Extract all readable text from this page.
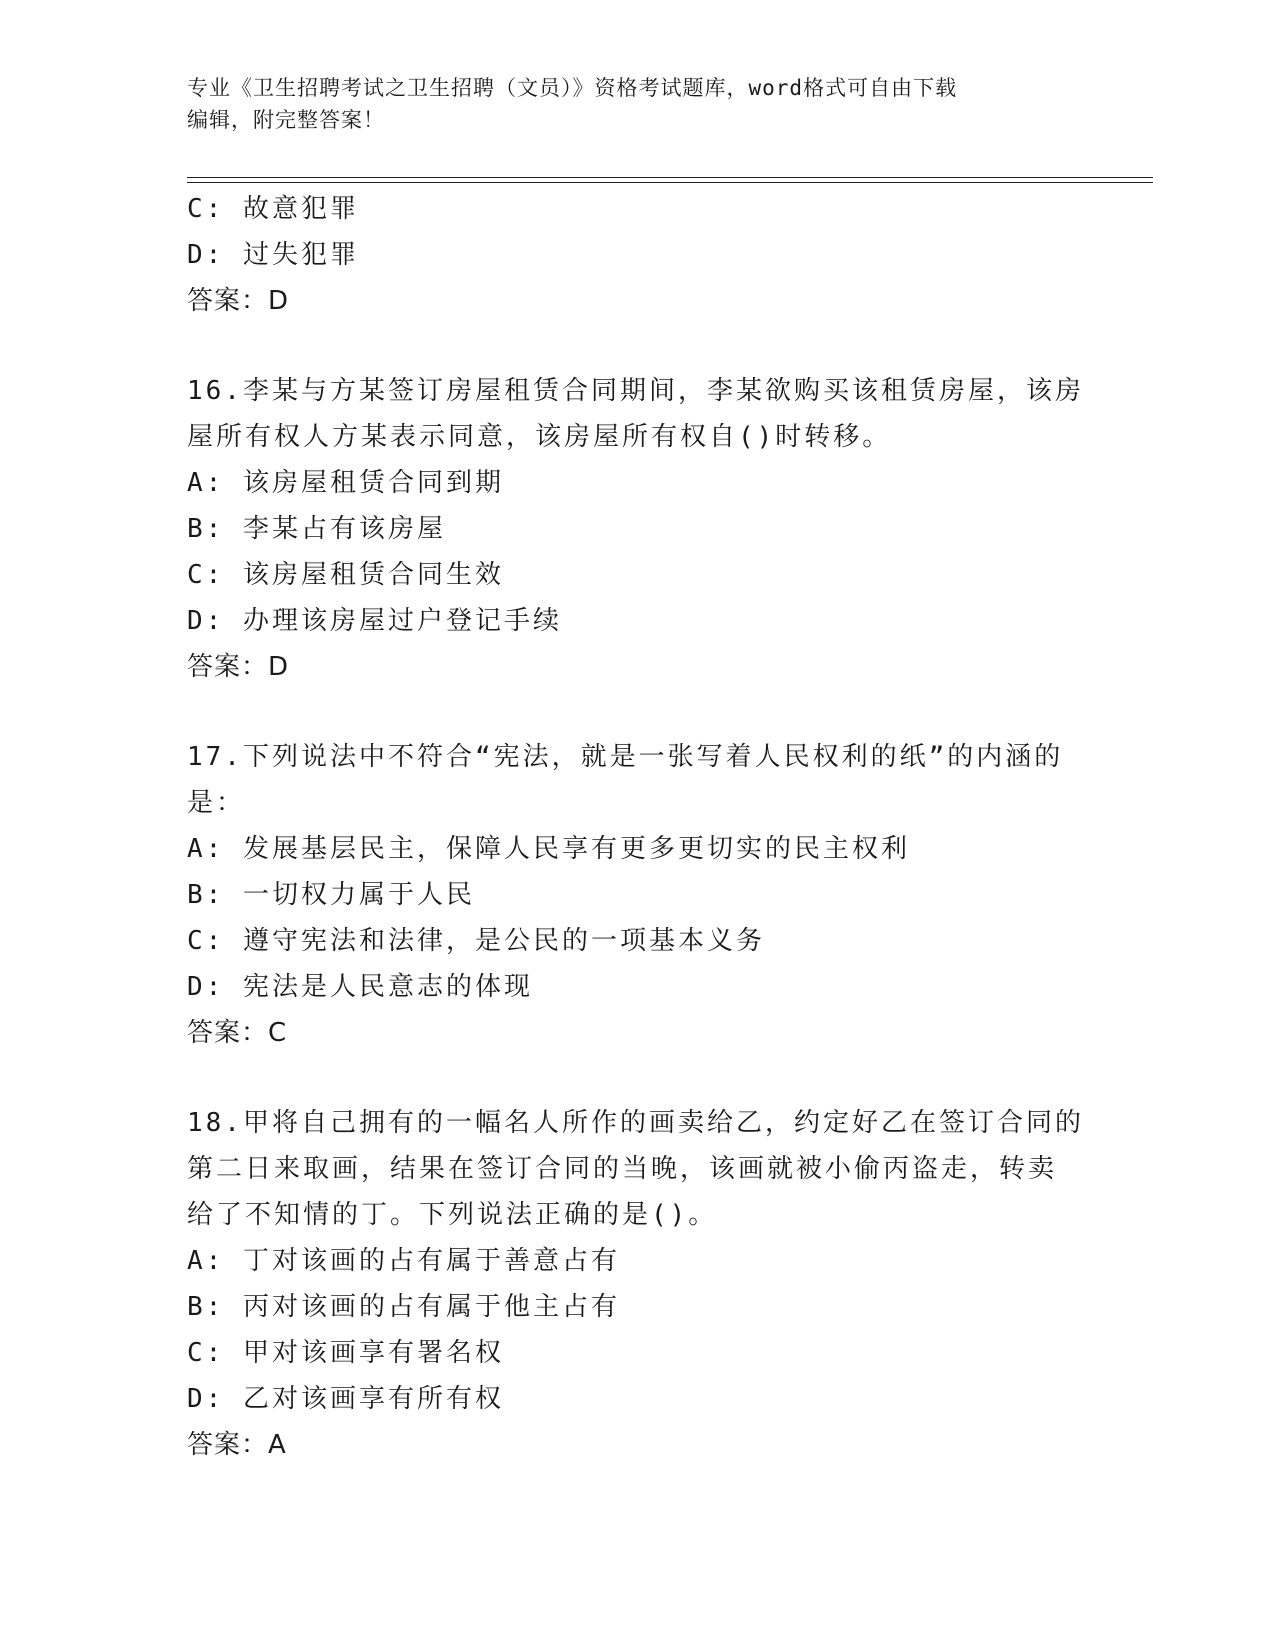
专业《卫生招聘考试之卫生招聘（文员）》资格考试题库，word格式可自由下载
编辑，附完整答案！
C: 故意犯罪
D: 过失犯罪
答案：D
16.李某与方某签订房屋租赁合同期间，李某欲购买该租赁房屋，该房
屋所有权人方某表示同意，该房屋所有权自()时转移。
A: 该房屋租赁合同到期
B: 李某占有该房屋
C: 该房屋租赁合同生效
D: 办理该房屋过户登记手续
答案：D
17.下列说法中不符合“宪法，就是一张写着人民权利的纸”的内涵的
是：
A: 发展基层民主，保障人民享有更多更切实的民主权利
B: 一切权力属于人民
C: 遵守宪法和法律，是公民的一项基本义务
D: 宪法是人民意志的体现
答案：C
18.甲将自己拥有的一幅名人所作的画卖给乙，约定好乙在签订合同的
第二日来取画，结果在签订合同的当晚，该画就被小偷丙盗走，转卖
给了不知情的丁。下列说法正确的是()。
A: 丁对该画的占有属于善意占有
B: 丙对该画的占有属于他主占有
C: 甲对该画享有署名权
D: 乙对该画享有所有权
答案：A
